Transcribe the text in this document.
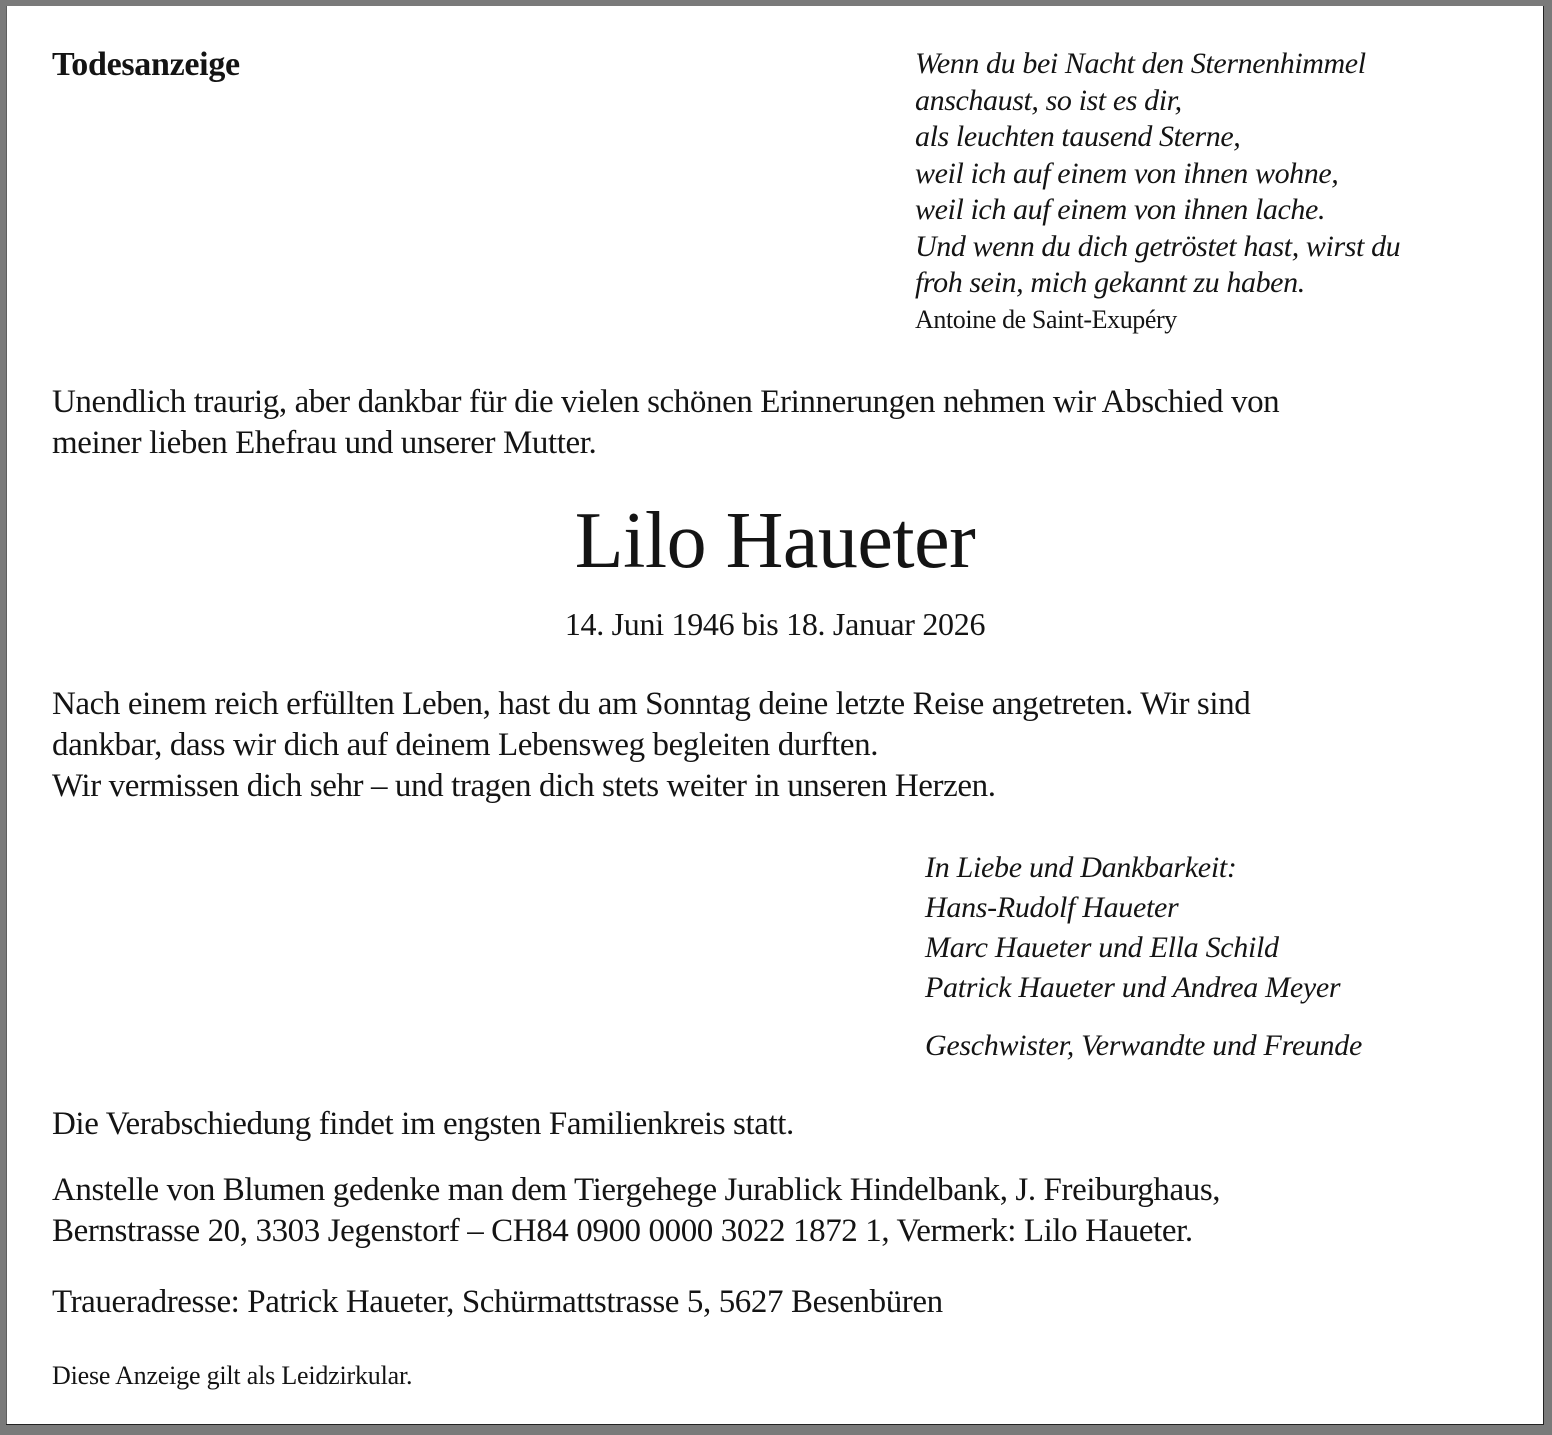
Todesanzeige	Wenn du bei Nacht den Sternenhimmel
anschaust, so ist es dir,
als leuchten tausend Sterne,
weil ich auf einem von ihnen wohne,
weil ich auf einem von ihnen lache.
Und wenn du dich getröstet hast, wirst du
froh sein, mich gekannt zu haben.
Antoine de Saint-Exupéry
Unendlich traurig, aber dankbar für die vielen schönen Erinnerungen nehmen wir Abschied von
meiner lieben Ehefrau und unserer Mutter.
Lilo Haueter
14. Juni 1946 bis 18. Januar 2026
Nach einem reich erfüllten Leben, hast du am Sonntag deine letzte Reise angetreten. Wir sind
dankbar, dass wir dich auf deinem Lebensweg begleiten durften.
Wir vermissen dich sehr – und tragen dich stets weiter in unseren Herzen.
In Liebe und Dankbarkeit:
Hans-Rudolf Haueter
Marc Haueter und Ella Schild
Patrick Haueter und Andrea Meyer
Geschwister, Verwandte und Freunde
Die Verabschiedung findet im engsten Familienkreis statt.
Anstelle von Blumen gedenke man dem Tiergehege Jurablick Hindelbank, J. Freiburghaus,
Bernstrasse 20, 3303 Jegenstorf – CH84 0900 0000 3022 1872 1, Vermerk: Lilo Haueter.
Traueradresse: Patrick Haueter, Schürmattstrasse 5, 5627 Besenbüren
Diese Anzeige gilt als Leidzirkular.
